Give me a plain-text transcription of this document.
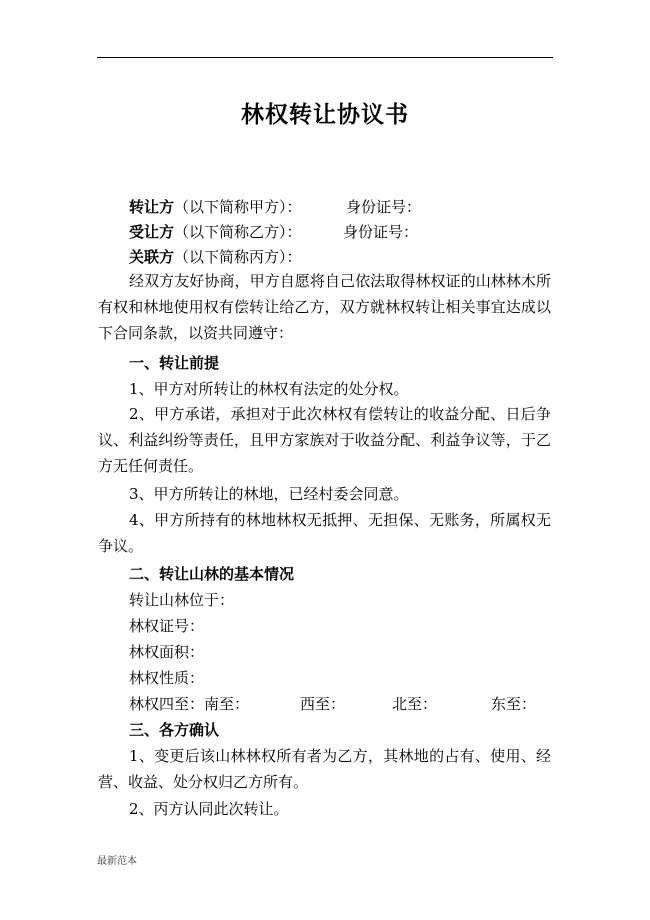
林权转让协议书
转让方（以下简称甲方）：	身份证号：
受让方（以下简称乙方）：	身份证号：
关联方（以下简称丙方）：
经双方友好协商，甲方自愿将自己依法取得林权证的山林林木所
有权和林地使用权有偿转让给乙方，双方就林权转让相关事宜达成以
下合同条款，以资共同遵守：
一、转让前提
1、甲方对所转让的林权有法定的处分权。
2、甲方承诺，承担对于此次林权有偿转让的收益分配、日后争
议、利益纠纷等责任，且甲方家族对于收益分配、利益争议等，于乙
方无任何责任。
3、甲方所转让的林地，已经村委会同意。
4、甲方所持有的林地林权无抵押、无担保、无账务，所属权无
争议。
二、转让山林的基本情况
转让山林位于：
林权证号：
林权面积：
林权性质：
林权四至：南至：	西至：	北至：	东至：
三、各方确认
1、变更后该山林林权所有者为乙方，其林地的占有、使用、经
营、收益、处分权归乙方所有。
2、丙方认同此次转让。
最新范本
